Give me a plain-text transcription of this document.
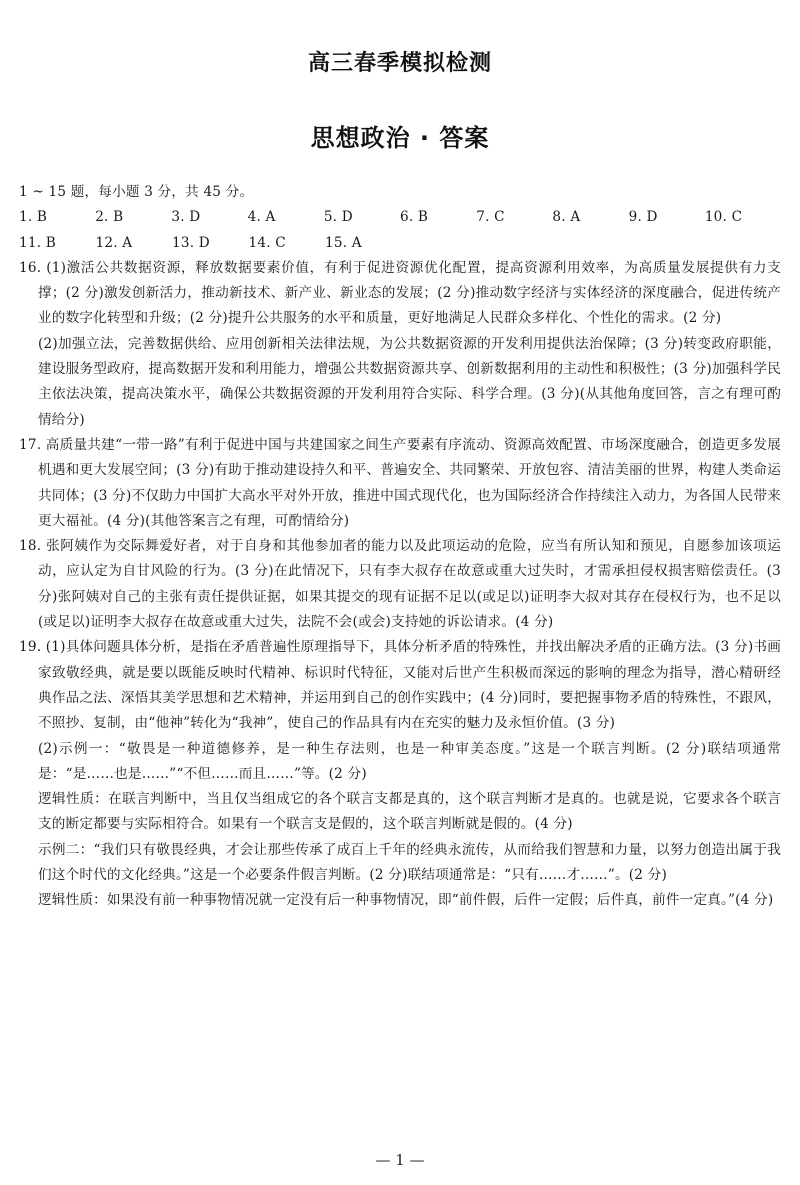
高三春季模拟检测
思想政治 · 答案

1 ~ 15 题，每小题 3 分，共 45 分。

1. B	2. B	3. D	4. A	5. D	6. B	7. C	8. A	9. D	10. C
11. B	12. A	13. D	14. C	15. A

16. (1)激活公共数据资源，释放数据要素价值，有利于促进资源优化配置，提高资源利用效率，为高质量发展提供有力支撑；(2 分)激发创新活力，推动新技术、新产业、新业态的发展；(2 分)推动数字经济与实体经济的深度融合，促进传统产业的数字化转型和升级；(2 分)提升公共服务的水平和质量，更好地满足人民群众多样化、个性化的需求。(2 分)

(2)加强立法，完善数据供给、应用创新相关法律法规，为公共数据资源的开发利用提供法治保障；(3 分)转变政府职能，建设服务型政府，提高数据开发和利用能力，增强公共数据资源共享、创新数据利用的主动性和积极性；(3 分)加强科学民主依法决策，提高决策水平，确保公共数据资源的开发利用符合实际、科学合理。(3 分)(从其他角度回答，言之有理可酌情给分)

17. 高质量共建“一带一路”有利于促进中国与共建国家之间生产要素有序流动、资源高效配置、市场深度融合，创造更多发展机遇和更大发展空间；(3 分)有助于推动建设持久和平、普遍安全、共同繁荣、开放包容、清洁美丽的世界，构建人类命运共同体；(3 分)不仅助力中国扩大高水平对外开放，推进中国式现代化，也为国际经济合作持续注入动力，为各国人民带来更大福祉。(4 分)(其他答案言之有理，可酌情给分)

18. 张阿姨作为交际舞爱好者，对于自身和其他参加者的能力以及此项运动的危险，应当有所认知和预见，自愿参加该项运动，应认定为自甘风险的行为。(3 分)在此情况下，只有李大叔存在故意或重大过失时，才需承担侵权损害赔偿责任。(3 分)张阿姨对自己的主张有责任提供证据，如果其提交的现有证据不足以(或足以)证明李大叔对其存在侵权行为，也不足以(或足以)证明李大叔存在故意或重大过失，法院不会(或会)支持她的诉讼请求。(4 分)

19. (1)具体问题具体分析，是指在矛盾普遍性原理指导下，具体分析矛盾的特殊性，并找出解决矛盾的正确方法。(3 分)书画家致敬经典，就是要以既能反映时代精神、标识时代特征，又能对后世产生积极而深远的影响的理念为指导，潜心精研经典作品之法、深悟其美学思想和艺术精神，并运用到自己的创作实践中；(4 分)同时，要把握事物矛盾的特殊性，不跟风，不照抄、复制，由“他神”转化为“我神”，使自己的作品具有内在充实的魅力及永恒价值。(3 分)

(2)示例一：“敬畏是一种道德修养，是一种生存法则，也是一种审美态度。”这是一个联言判断。(2 分)联结项通常是：“是……也是……”“不但……而且……”等。(2 分)

逻辑性质：在联言判断中，当且仅当组成它的各个联言支都是真的，这个联言判断才是真的。也就是说，它要求各个联言支的断定都要与实际相符合。如果有一个联言支是假的，这个联言判断就是假的。(4 分)

示例二：“我们只有敬畏经典，才会让那些传承了成百上千年的经典永流传，从而给我们智慧和力量，以努力创造出属于我们这个时代的文化经典。”这是一个必要条件假言判断。(2 分)联结项通常是：“只有……才……”。(2 分)

逻辑性质：如果没有前一种事物情况就一定没有后一种事物情况，即“前件假，后件一定假；后件真，前件一定真。”(4 分)

— 1 —
